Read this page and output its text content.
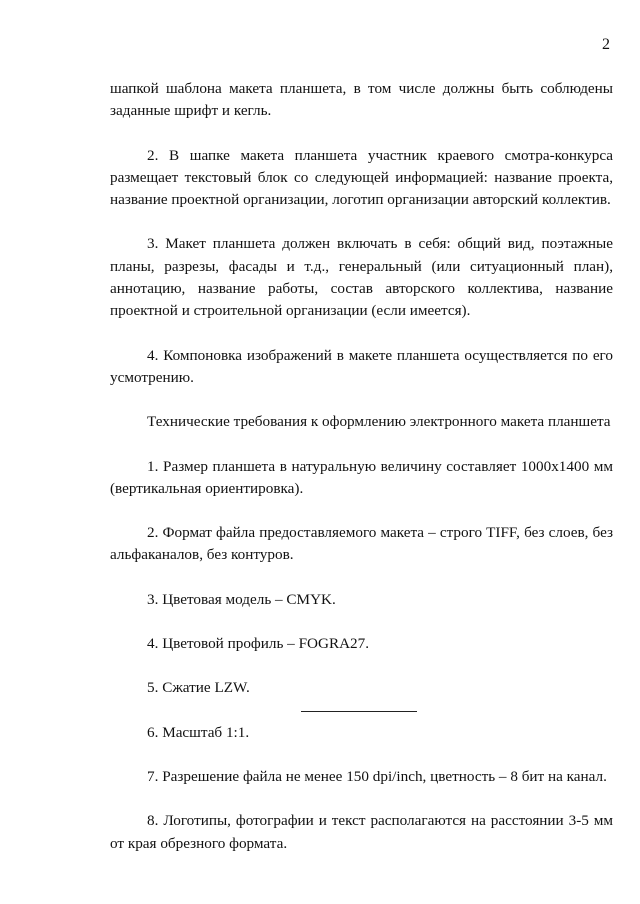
2
шапкой шаблона макета планшета, в том числе должны быть соблюдены
заданные шрифт и кегль.
2. В шапке макета планшета участник краевого смотра-конкурса
размещает текстовый блок со следующей информацией: название проекта,
название проектной организации, логотип организации авторский коллектив.
3. Макет планшета должен включать в себя: общий вид, поэтажные
планы, разрезы, фасады и т.д., генеральный (или ситуационный план),
аннотацию, название работы, состав авторского коллектива, название
проектной и строительной организации (если имеется).
4. Компоновка изображений в макете планшета осуществляется по его
усмотрению.
Технические требования к оформлению электронного макета планшета
1. Размер планшета в натуральную величину составляет 1000х1400 мм
(вертикальная ориентировка).
2. Формат файла предоставляемого макета – строго TIFF, без слоев, без
альфаканалов, без контуров.
3. Цветовая модель – CMYK.
4. Цветовой профиль – FOGRA27.
5. Сжатие LZW.
6. Масштаб 1:1.
7. Разрешение файла не менее 150 dpi/inch, цветность – 8 бит на канал.
8. Логотипы, фотографии и текст располагаются на расстоянии 3-5 мм
от края обрезного формата.
